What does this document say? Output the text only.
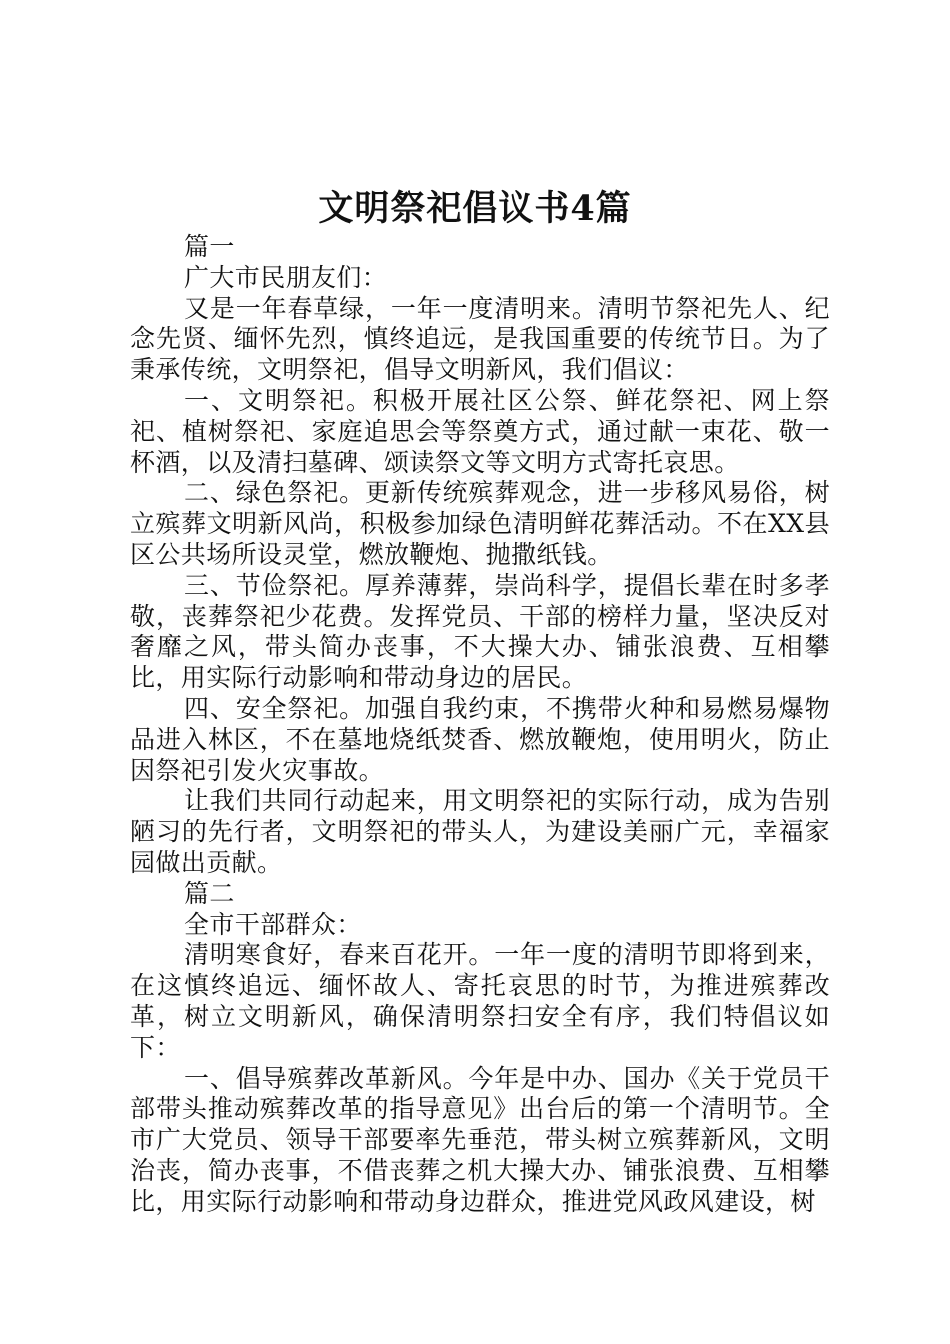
文明祭祀倡议书4篇

篇一

广大市民朋友们：

又是一年春草绿，一年一度清明来。清明节祭祀先人、纪念先贤、缅怀先烈，慎终追远，是我国重要的传统节日。为了秉承传统，文明祭祀，倡导文明新风，我们倡议：

一、文明祭祀。积极开展社区公祭、鲜花祭祀、网上祭祀、植树祭祀、家庭追思会等祭奠方式，通过献一束花、敬一杯酒，以及清扫墓碑、颂读祭文等文明方式寄托哀思。

二、绿色祭祀。更新传统殡葬观念，进一步移风易俗，树立殡葬文明新风尚，积极参加绿色清明鲜花葬活动。不在XX县区公共场所设灵堂，燃放鞭炮、抛撒纸钱。

三、节俭祭祀。厚养薄葬，崇尚科学，提倡长辈在时多孝敬，丧葬祭祀少花费。发挥党员、干部的榜样力量，坚决反对奢靡之风，带头简办丧事，不大操大办、铺张浪费、互相攀比，用实际行动影响和带动身边的居民。

四、安全祭祀。加强自我约束，不携带火种和易燃易爆物品进入林区，不在墓地烧纸焚香、燃放鞭炮，使用明火，防止因祭祀引发火灾事故。

让我们共同行动起来，用文明祭祀的实际行动，成为告别陋习的先行者，文明祭祀的带头人，为建设美丽广元，幸福家园做出贡献。

篇二

全市干部群众：

清明寒食好，春来百花开。一年一度的清明节即将到来，在这慎终追远、缅怀故人、寄托哀思的时节，为推进殡葬改革，树立文明新风，确保清明祭扫安全有序，我们特倡议如下：

一、倡导殡葬改革新风。今年是中办、国办《关于党员干部带头推动殡葬改革的指导意见》出台后的第一个清明节。全市广大党员、领导干部要率先垂范，带头树立殡葬新风，文明治丧，简办丧事，不借丧葬之机大操大办、铺张浪费、互相攀比，用实际行动影响和带动身边群众，推进党风政风建设，树
